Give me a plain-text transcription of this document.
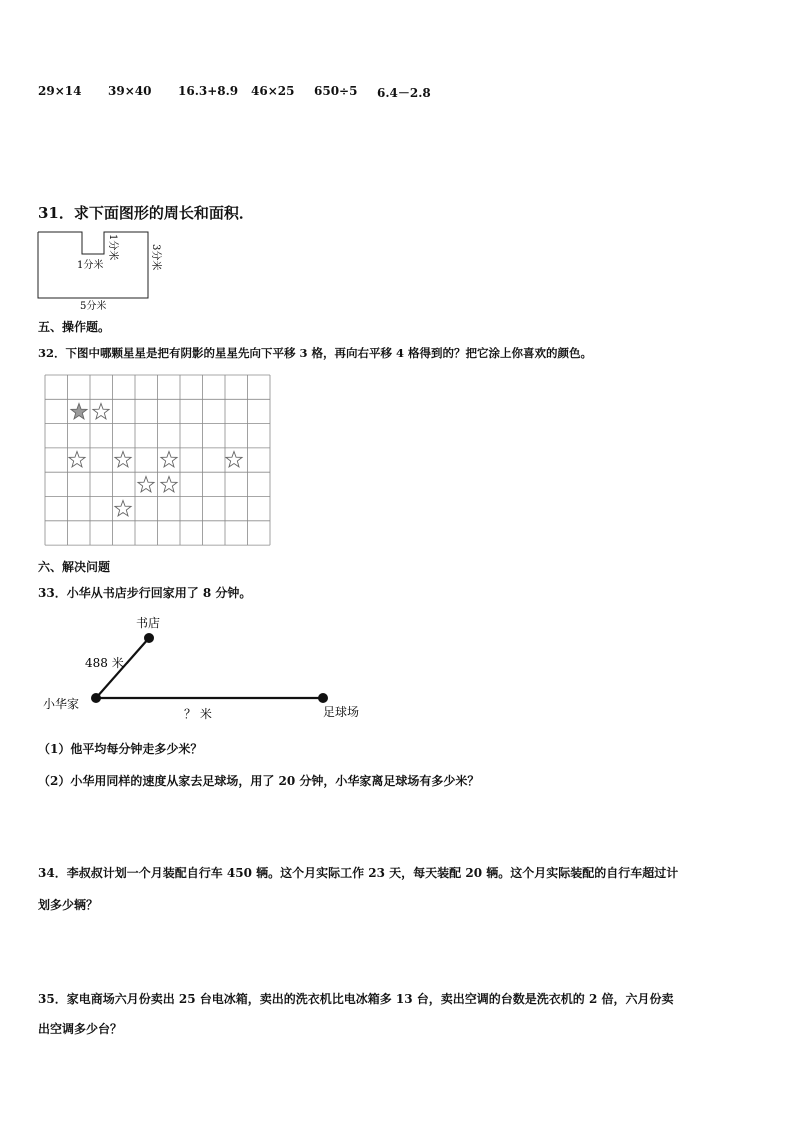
29×14 39×40 16.3+8.9 46×25 650÷5 6.4－2.8
31．求下面图形的周长和面积．
1分米
1分米	3分米
5分米
五、操作题。
32．下图中哪颗星星是把有阴影的星星先向下平移 3 格，再向右平移 4 格得到的？把它涂上你喜欢的颜色。
六、解决问题
33．小华从书店步行回家用了 8 分钟。
书店
488 米
小华家
？ 米	足球场
（1）他平均每分钟走多少米？
（2）小华用同样的速度从家去足球场，用了 20 分钟，小华家离足球场有多少米？
34．李叔叔计划一个月装配自行车 450 辆。这个月实际工作 23 天，每天装配 20 辆。这个月实际装配的自行车超过计
划多少辆？
35．家电商场六月份卖出 25 台电冰箱，卖出的洗衣机比电冰箱多 13 台，卖出空调的台数是洗衣机的 2 倍，六月份卖
出空调多少台？
